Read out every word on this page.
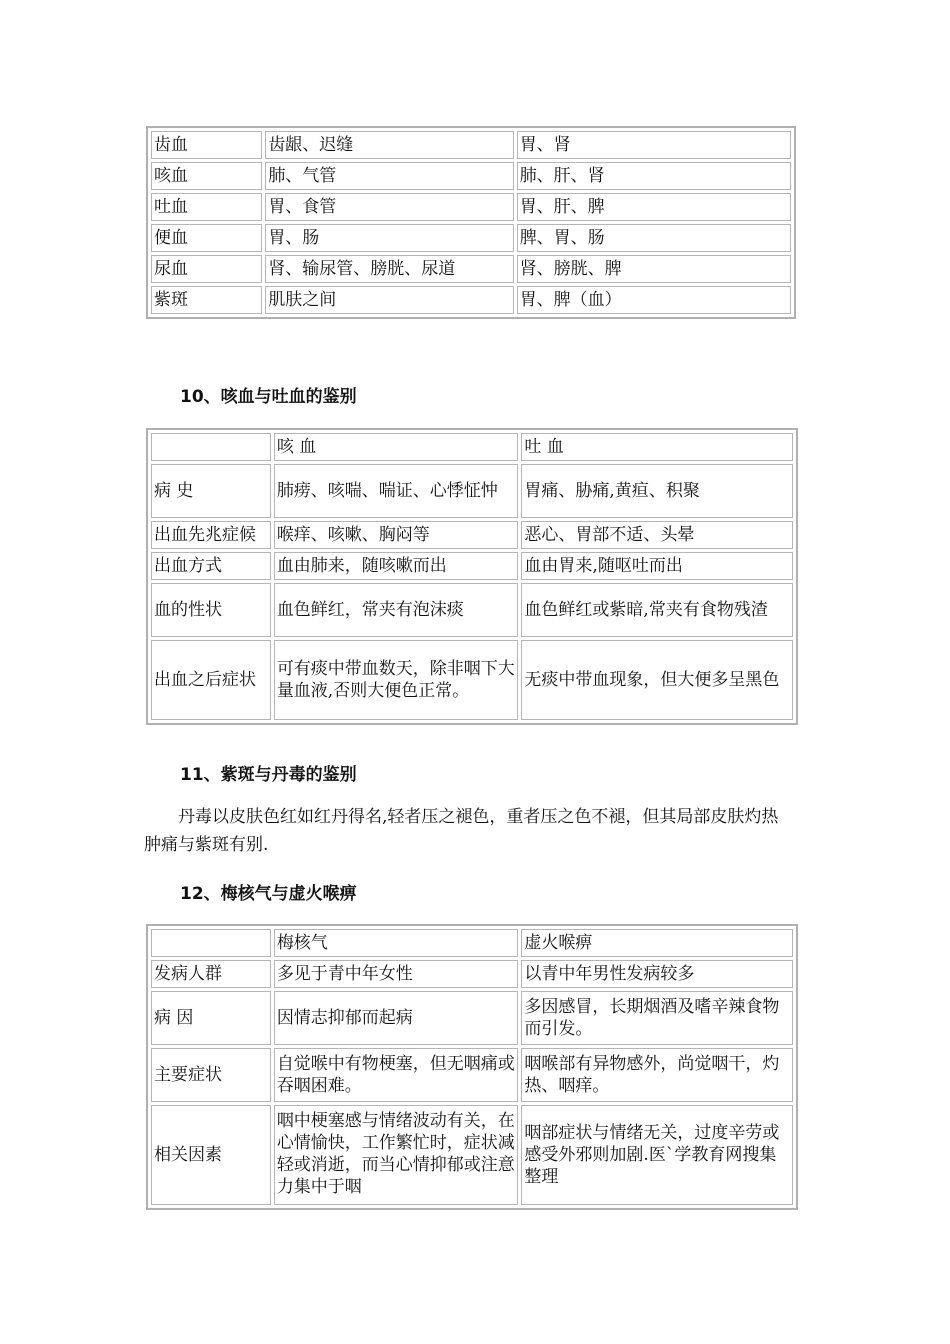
齿血	齿龈、迟缝	胃、肾
咳血	肺、气管	肺、肝、肾
吐血	胃、食管	胃、肝、脾
便血	胃、肠	脾、胃、肠
尿血	肾、输尿管、膀胱、尿道	肾、膀胱、脾
紫斑	肌肤之间	胃、脾（血）
10、咳血与吐血的鉴别
	咳 血	吐 血
病 史	肺痨、咳喘、喘证、心悸怔忡	胃痛、胁痛,黄疸、积聚
出血先兆症候	喉痒、咳嗽、胸闷等	恶心、胃部不适、头晕
出血方式	血由肺来，随咳嗽而出	血由胃来,随呕吐而出
血的性状	血色鲜红，常夹有泡沫痰	血色鲜红或紫暗,常夹有食物残渣
出血之后症状	可有痰中带血数天，除非咽下大量血液,否则大便色正常。	无痰中带血现象，但大便多呈黑色
11、紫斑与丹毒的鉴别
丹毒以皮肤色红如红丹得名,轻者压之褪色，重者压之色不褪，但其局部皮肤灼热肿痛与紫斑有别.
12、梅核气与虚火喉痹
	梅核气	虚火喉痹
发病人群	多见于青中年女性	以青中年男性发病较多
病 因	因情志抑郁而起病	多因感冒，长期烟酒及嗜辛辣食物而引发。
主要症状	自觉喉中有物梗塞，但无咽痛或吞咽困难。	咽喉部有异物感外，尚觉咽干，灼热、咽痒。
相关因素	咽中梗塞感与情绪波动有关，在心情愉快，工作繁忙时，症状减轻或消逝，而当心情抑郁或注意力集中于咽	咽部症状与情绪无关，过度辛劳或感受外邪则加剧.医`学教育网搜集整理
